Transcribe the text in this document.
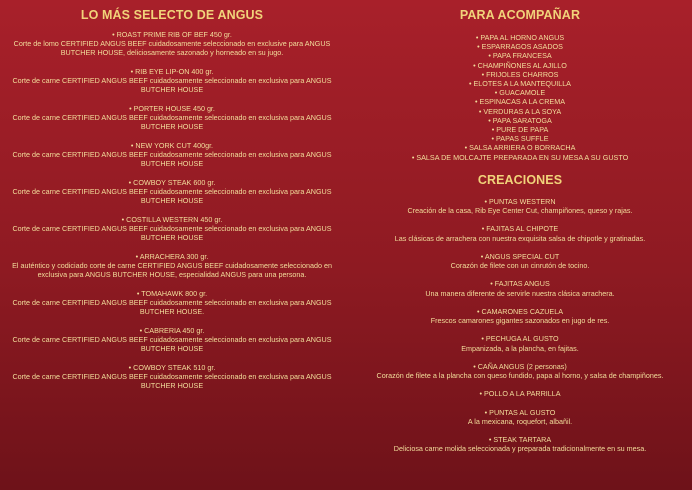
LO MÁS SELECTO DE ANGUS
• ROAST PRIME RIB OF BEF 450 gr.
Corte de lomo CERTIFIED ANGUS BEEF cuidadosamente seleccionado en exclusive para ANGUS BUTCHER HOUSE, deliciosamente sazonado y horneado en su jugo.
• RIB EYE LIP-ON 400 gr.
Corte de carne CERTIFIED ANGUS BEEF cuidadosamente seleccionado en exclusiva para ANGUS BUTCHER HOUSE
• PORTER HOUSE 450 gr.
Corte de carne CERTIFIED ANGUS BEEF cuidadosamente seleccionado en exclusiva para ANGUS BUTCHER HOUSE
• NEW YORK CUT 400gr.
Corte de carne CERTIFIED ANGUS BEEF cuidadosamente seleccionado en exclusiva para ANGUS BUTCHER HOUSE
• COWBOY STEAK 600 gr.
Corte de carne CERTIFIED ANGUS BEEF cuidadosamente seleccionado en exclusiva para ANGUS BUTCHER HOUSE
• COSTILLA WESTERN 450 gr.
Corte de carne CERTIFIED ANGUS BEEF cuidadosamente seleccionado en exclusiva para ANGUS BUTCHER HOUSE
• ARRACHERA 300 gr.
El auténtico y codiciado corte de carne CERTIFIED ANGUS BEEF cuidadosamente seleccionado en exclusiva para ANGUS BUTCHER HOUSE, especialidad ANGUS para una persona.
• TOMAHAWK 800 gr.
Corte de carne CERTIFIED ANGUS BEEF cuidadosamente seleccionado en exclusiva para ANGUS BUTCHER HOUSE.
• CABRERIA 450 gr.
Corte de carne CERTIFIED ANGUS BEEF cuidadosamente seleccionado en exclusiva para ANGUS BUTCHER HOUSE
• COWBOY STEAK 510 gr.
Corte de carne CERTIFIED ANGUS BEEF cuidadosamente seleccionado en exclusiva para ANGUS BUTCHER HOUSE
PARA ACOMPAÑAR
• PAPA AL HORNO ANGUS
• ESPARRAGOS ASADOS
• PAPA FRANCESA
• CHAMPIÑONES AL AJILLO
• FRIJOLES CHARROS
• ELOTES A LA MANTEQUILLA
• GUACAMOLE
• ESPINACAS A LA CREMA
• VERDURAS A LA SOYA
• PAPA SARATOGA
• PURE DE PAPA
• PAPAS SUFFLE
• SALSA ARRIERA O BORRACHA
• SALSA DE MOLCAJTE PREPARADA EN SU MESA A SU GUSTO
CREACIONES
• PUNTAS WESTERN
Creación de la casa, Rib Eye Center Cut, champiñones, queso y rajas.
• FAJITAS AL CHIPOTE
Las clásicas de arrachera con nuestra exquisita salsa de chipotle y gratinadas.
• ANGUS SPECIAL CUT
Corazón de filete con un cinrutón de tocino.
• FAJITAS ANGUS
Una manera diferente de servirle nuestra clásica arrachera.
• CAMARONES CAZUELA
Frescos camarones gigantes sazonados en jugo de res.
• PECHUGA AL GUSTO
Empanizada, a la plancha, en fajitas.
• CAÑA ANGUS (2 personas)
Corazón de filete a la plancha con queso fundido, papa al horno, y salsa de champiñones.
• POLLO A LA PARRILLA
• PUNTAS AL GUSTO
A la mexicana, roquefort, albañil.
• STEAK TARTARA
Deliciosa carne molida seleccionada y preparada tradicionalmente en su mesa.
